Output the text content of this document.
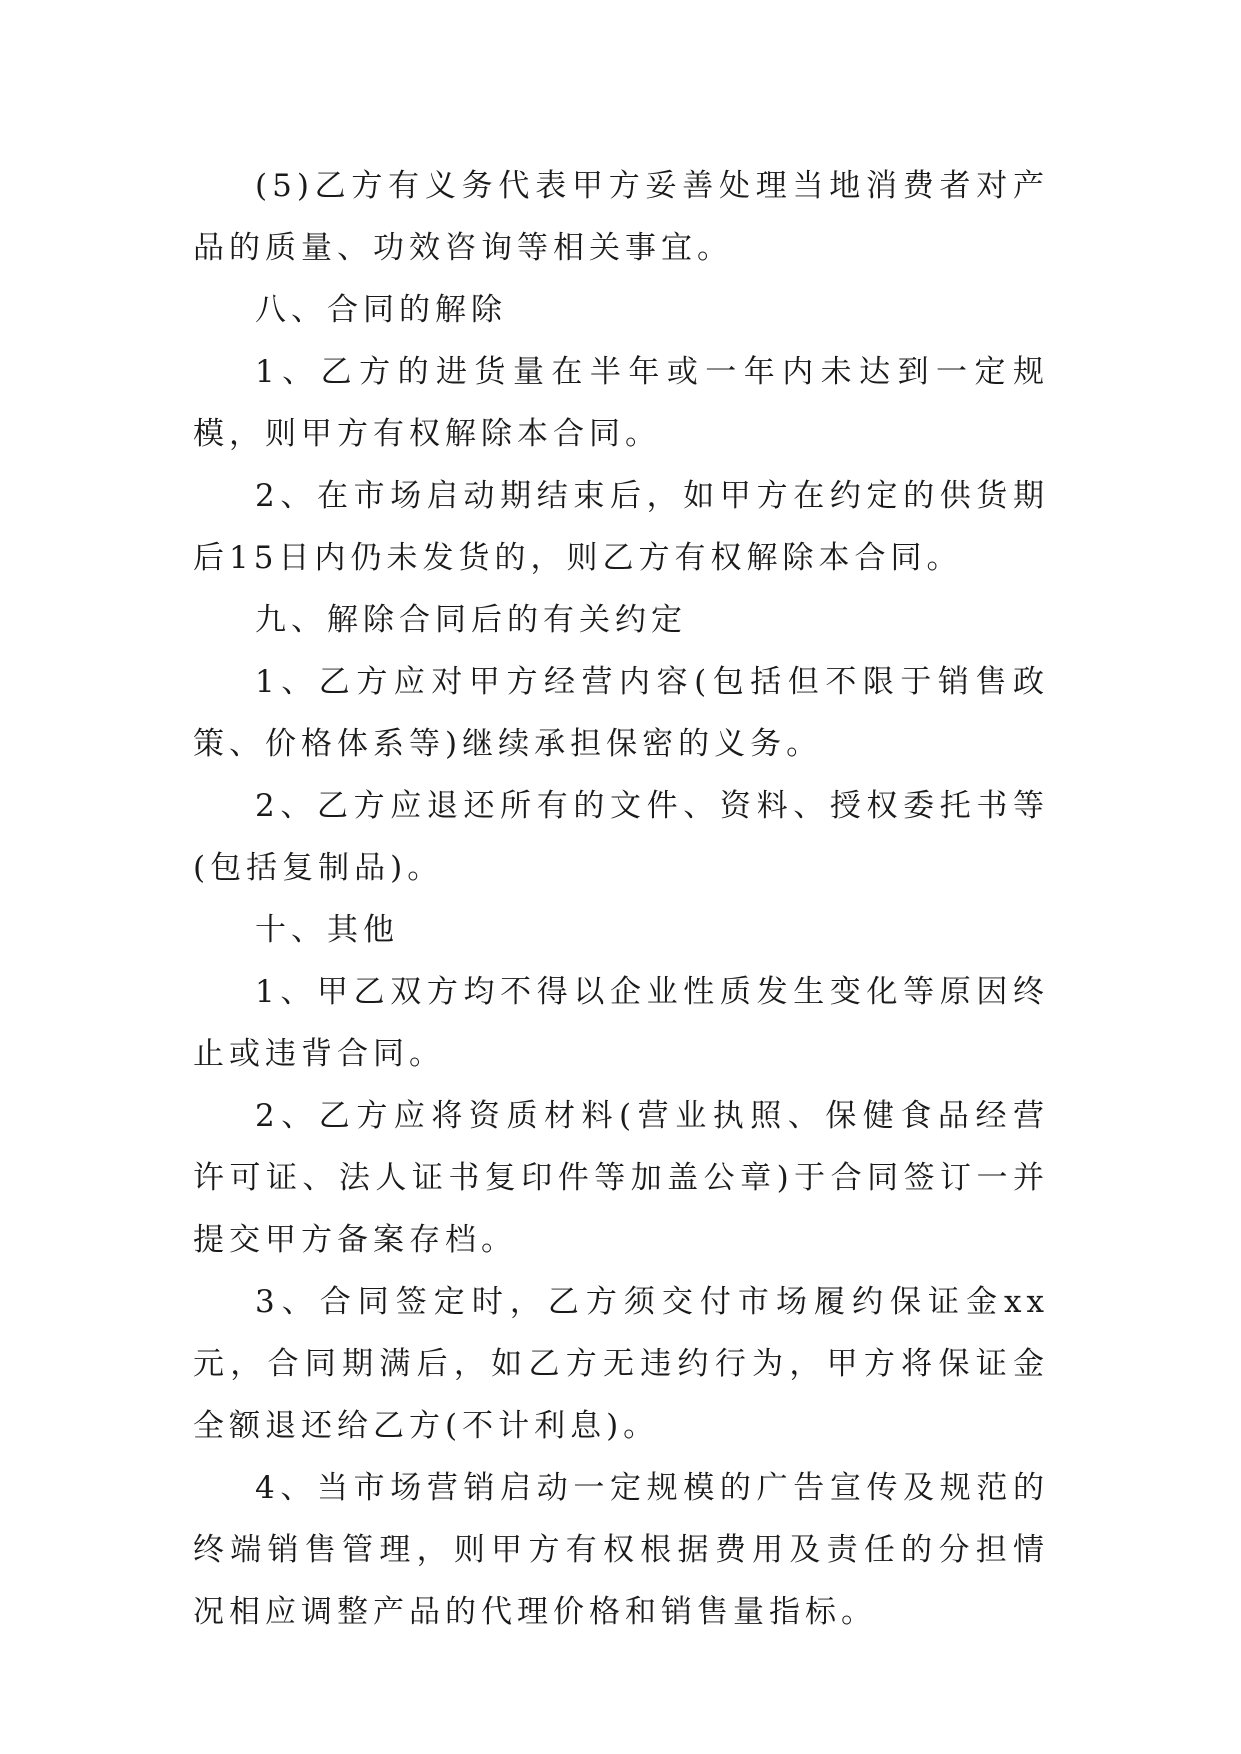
(5)乙方有义务代表甲方妥善处理当地消费者对产品的质量、功效咨询等相关事宜。

八、合同的解除

1、乙方的进货量在半年或一年内未达到一定规模，则甲方有权解除本合同。

2、在市场启动期结束后，如甲方在约定的供货期后15日内仍未发货的，则乙方有权解除本合同。

九、解除合同后的有关约定

1、乙方应对甲方经营内容(包括但不限于销售政策、价格体系等)继续承担保密的义务。

2、乙方应退还所有的文件、资料、授权委托书等(包括复制品)。

十、其他

1、甲乙双方均不得以企业性质发生变化等原因终止或违背合同。

2、乙方应将资质材料(营业执照、保健食品经营许可证、法人证书复印件等加盖公章)于合同签订一并提交甲方备案存档。

3、合同签定时，乙方须交付市场履约保证金xx元，合同期满后，如乙方无违约行为，甲方将保证金全额退还给乙方(不计利息)。

4、当市场营销启动一定规模的广告宣传及规范的终端销售管理，则甲方有权根据费用及责任的分担情况相应调整产品的代理价格和销售量指标。
